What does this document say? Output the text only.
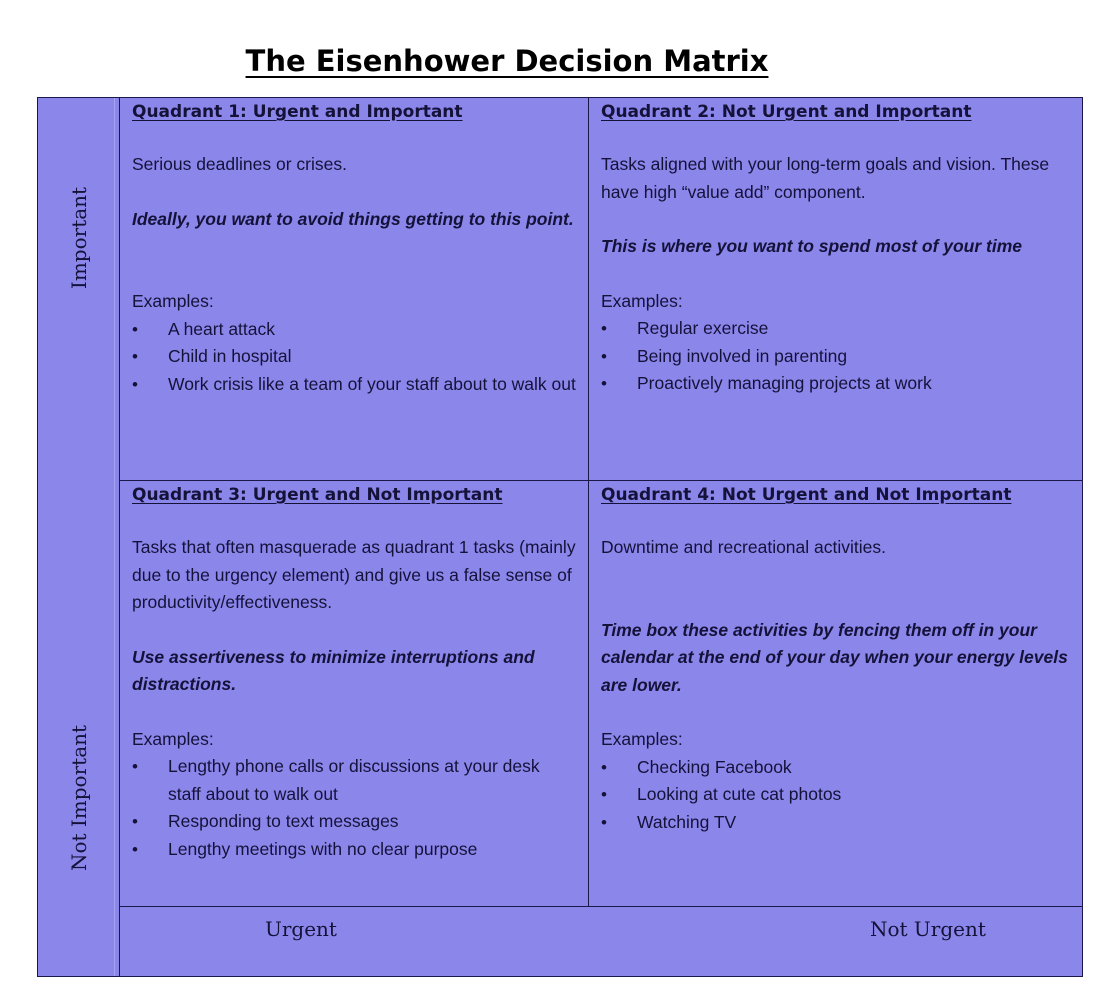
The Eisenhower Decision Matrix
Important
Not Important
Quadrant 1: Urgent and Important

Serious deadlines or crises.

Ideally, you want to avoid things getting to this point.

Examples:

• A heart attack
• Child in hospital
• Work crisis like a team of your staff about to walk out
Quadrant 2: Not Urgent and Important

Tasks aligned with your long-term goals and vision. These have high “value add” component.

This is where you want to spend most of your time

Examples:

• Regular exercise
• Being involved in parenting
• Proactively managing projects at work
Quadrant 3: Urgent and Not Important

Tasks that often masquerade as quadrant 1 tasks (mainly due to the urgency element) and give us a false sense of productivity/effectiveness.

Use assertiveness to minimize interruptions and distractions.

Examples:

• Lengthy phone calls or discussions at your desk staff about to walk out
• Responding to text messages
• Lengthy meetings with no clear purpose
Quadrant 4: Not Urgent and Not Important

Downtime and recreational activities.

Time box these activities by fencing them off in your calendar at the end of your day when your energy levels are lower.

Examples:

• Checking Facebook
• Looking at cute cat photos
• Watching TV
Urgent	Not Urgent
